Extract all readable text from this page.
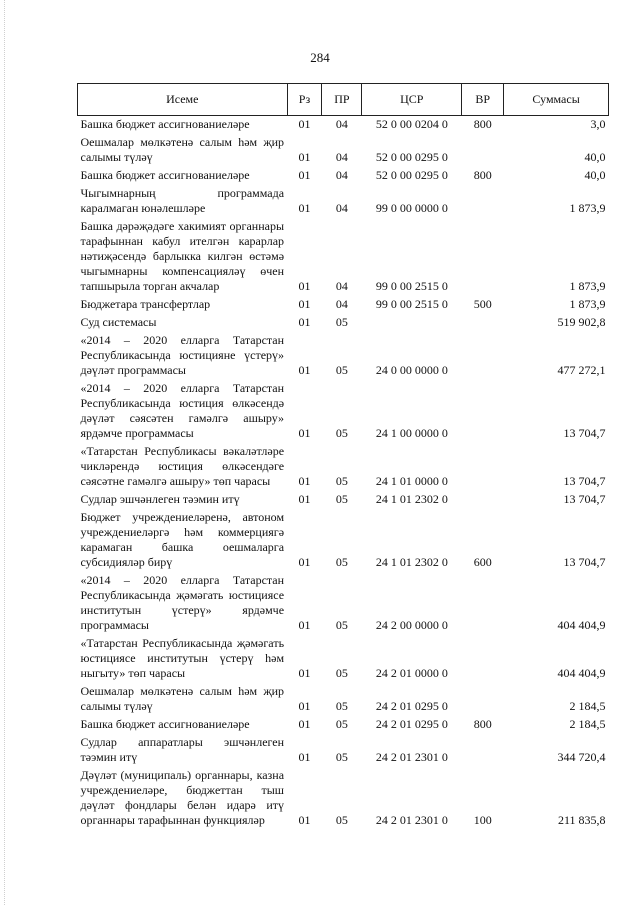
284
Исеме	Рз	ПР	ЦСР	ВР	Суммасы
Башка бюджет ассигнованиеләре	01	04	52 0 00 0204 0	800	3,0
Оешмалар мөлкәтенә салым һәм җир салымы түләү	01	04	52 0 00 0295 0		40,0
Башка бюджет ассигнованиеләре	01	04	52 0 00 0295 0	800	40,0
Чыгымнарның программада каралмаган юнәлешләре	01	04	99 0 00 0000 0		1 873,9
Башка дәрәҗәдәге хакимият органнары тарафыннан кабул ителгән карарлар нәтиҗәсендә барлыкка килгән өстәмә чыгымнарны компенсацияләү өчен тапшырыла торган акчалар	01	04	99 0 00 2515 0		1 873,9
Бюджетара трансфертлар	01	04	99 0 00 2515 0	500	1 873,9
Суд системасы	01	05			519 902,8
«2014 – 2020 елларга Татарстан Республикасында юстицияне үстерү» дәүләт программасы	01	05	24 0 00 0000 0		477 272,1
«2014 – 2020 елларга Татарстан Республикасында юстиция өлкәсендә дәүләт сәясәтен гамәлгә ашыру» ярдәмче программасы	01	05	24 1 00 0000 0		13 704,7
«Татарстан Республикасы вәкаләтләре чикләрендә юстиция өлкәсендәге сәясәтне гамәлгә ашыру» төп чарасы	01	05	24 1 01 0000 0		13 704,7
Судлар эшчәнлеген тәэмин итү	01	05	24 1 01 2302 0		13 704,7
Бюджет учреждениеләренә, автоном учреждениеләргә һәм коммерциягә карамаган башка оешмаларга субсидияләр бирү	01	05	24 1 01 2302 0	600	13 704,7
«2014 – 2020 елларга Татарстан Республикасында җәмәгать юстициясе институтын үстерү» ярдәмче программасы	01	05	24 2 00 0000 0		404 404,9
«Татарстан Республикасында җәмәгать юстициясе институтын үстерү һәм ныгыту» төп чарасы	01	05	24 2 01 0000 0		404 404,9
Оешмалар мөлкәтенә салым һәм җир салымы түләү	01	05	24 2 01 0295 0		2 184,5
Башка бюджет ассигнованиеләре	01	05	24 2 01 0295 0	800	2 184,5
Судлар аппаратлары эшчәнлеген тәэмин итү	01	05	24 2 01 2301 0		344 720,4
Дәүләт (муниципаль) органнары, казна учреждениеләре, бюджеттан тыш дәүләт фондлары белән идарә итү органнары тарафыннан функцияләр	01	05	24 2 01 2301 0	100	211 835,8
